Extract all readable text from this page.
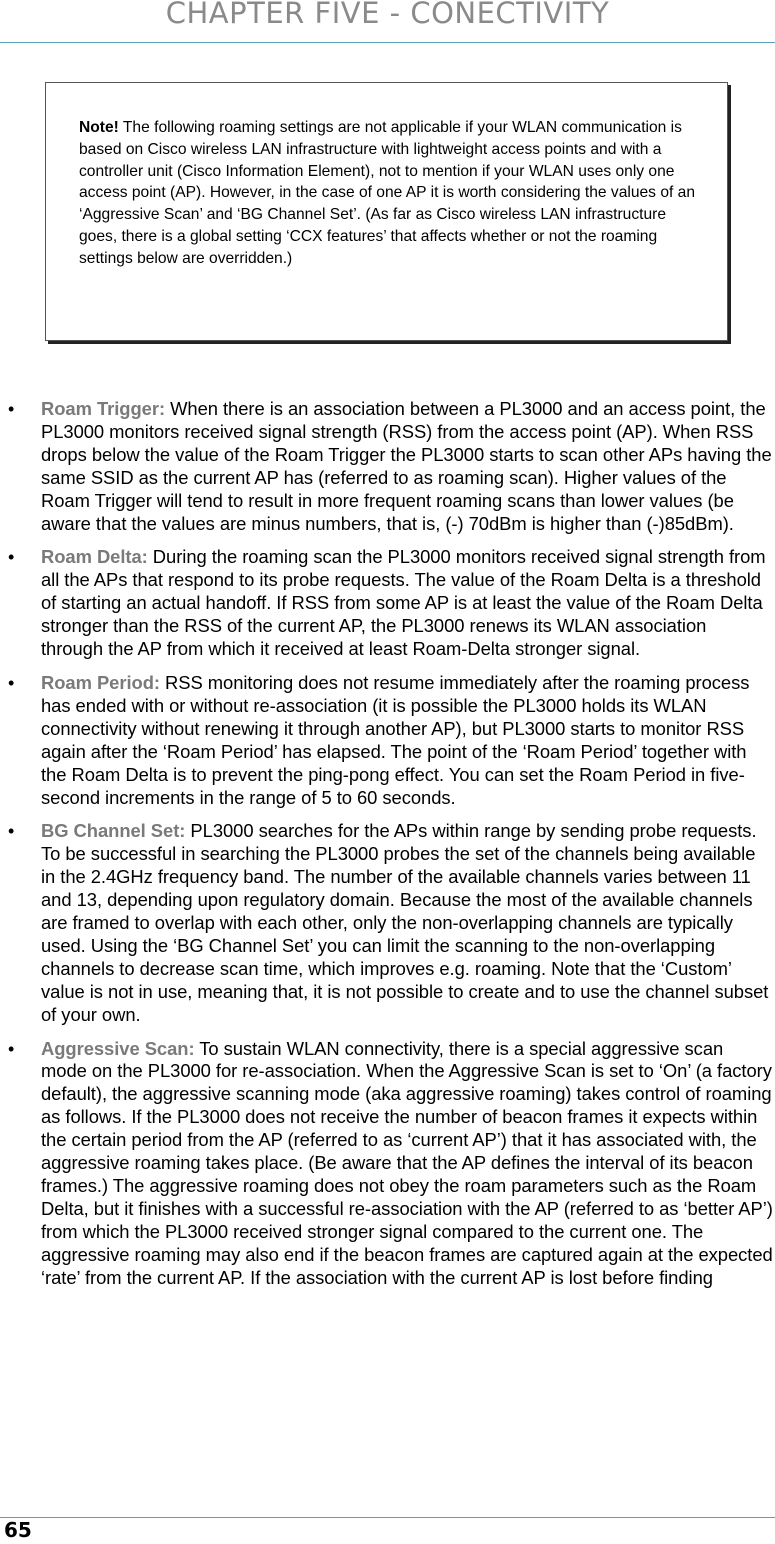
CHAPTER FIVE - CONECTIVITY
Note! The following roaming settings are not applicable if your WLAN communication is based on Cisco wireless LAN infrastructure with lightweight access points and with a controller unit (Cisco Information Element), not to mention if your WLAN uses only one access point (AP). However, in the case of one AP it is worth considering the values of an ‘Aggressive Scan’ and ‘BG Channel Set’. (As far as Cisco wireless LAN infrastructure goes, there is a global setting ‘CCX features’ that affects whether or not the roaming settings below are overridden.)
• Roam Trigger: When there is an association between a PL3000 and an access point, the PL3000 monitors received signal strength (RSS) from the access point (AP). When RSS drops below the value of the Roam Trigger the PL3000 starts to scan other APs having the same SSID as the current AP has (referred to as roaming scan). Higher values of the Roam Trigger will tend to result in more frequent roaming scans than lower values (be aware that the values are minus numbers, that is, (-) 70dBm is higher than (-)85dBm).
• Roam Delta: During the roaming scan the PL3000 monitors received signal strength from all the APs that respond to its probe requests. The value of the Roam Delta is a threshold of starting an actual handoff. If RSS from some AP is at least the value of the Roam Delta stronger than the RSS of the current AP, the PL3000 renews its WLAN association through the AP from which it received at least Roam-Delta stronger signal.
• Roam Period: RSS monitoring does not resume immediately after the roaming process has ended with or without re-association (it is possible the PL3000 holds its WLAN connectivity without renewing it through another AP), but PL3000 starts to monitor RSS again after the ‘Roam Period’ has elapsed. The point of the ‘Roam Period’ together with the Roam Delta is to prevent the ping-pong effect. You can set the Roam Period in five-second increments in the range of 5 to 60 seconds.
• BG Channel Set: PL3000 searches for the APs within range by sending probe requests. To be successful in searching the PL3000 probes the set of the channels being available in the 2.4GHz frequency band. The number of the available channels varies between 11 and 13, depending upon regulatory domain. Because the most of the available channels are framed to overlap with each other, only the non-overlapping channels are typically used. Using the ‘BG Channel Set’ you can limit the scanning to the non-overlapping channels to decrease scan time, which improves e.g. roaming. Note that the ‘Custom’ value is not in use, meaning that, it is not possible to create and to use the channel subset of your own.
• Aggressive Scan: To sustain WLAN connectivity, there is a special aggressive scan mode on the PL3000 for re-association. When the Aggressive Scan is set to ‘On’ (a factory default), the aggressive scanning mode (aka aggressive roaming) takes control of roaming as follows. If the PL3000 does not receive the number of beacon frames it expects within the certain period from the AP (referred to as ‘current AP’) that it has associated with, the aggressive roaming takes place. (Be aware that the AP defines the interval of its beacon frames.) The aggressive roaming does not obey the roam parameters such as the Roam Delta, but it finishes with a successful re-association with the AP (referred to as ‘better AP’) from which the PL3000 received stronger signal compared to the current one. The aggressive roaming may also end if the beacon frames are captured again at the expected ‘rate’ from the current AP. If the association with the current AP is lost before finding
65
